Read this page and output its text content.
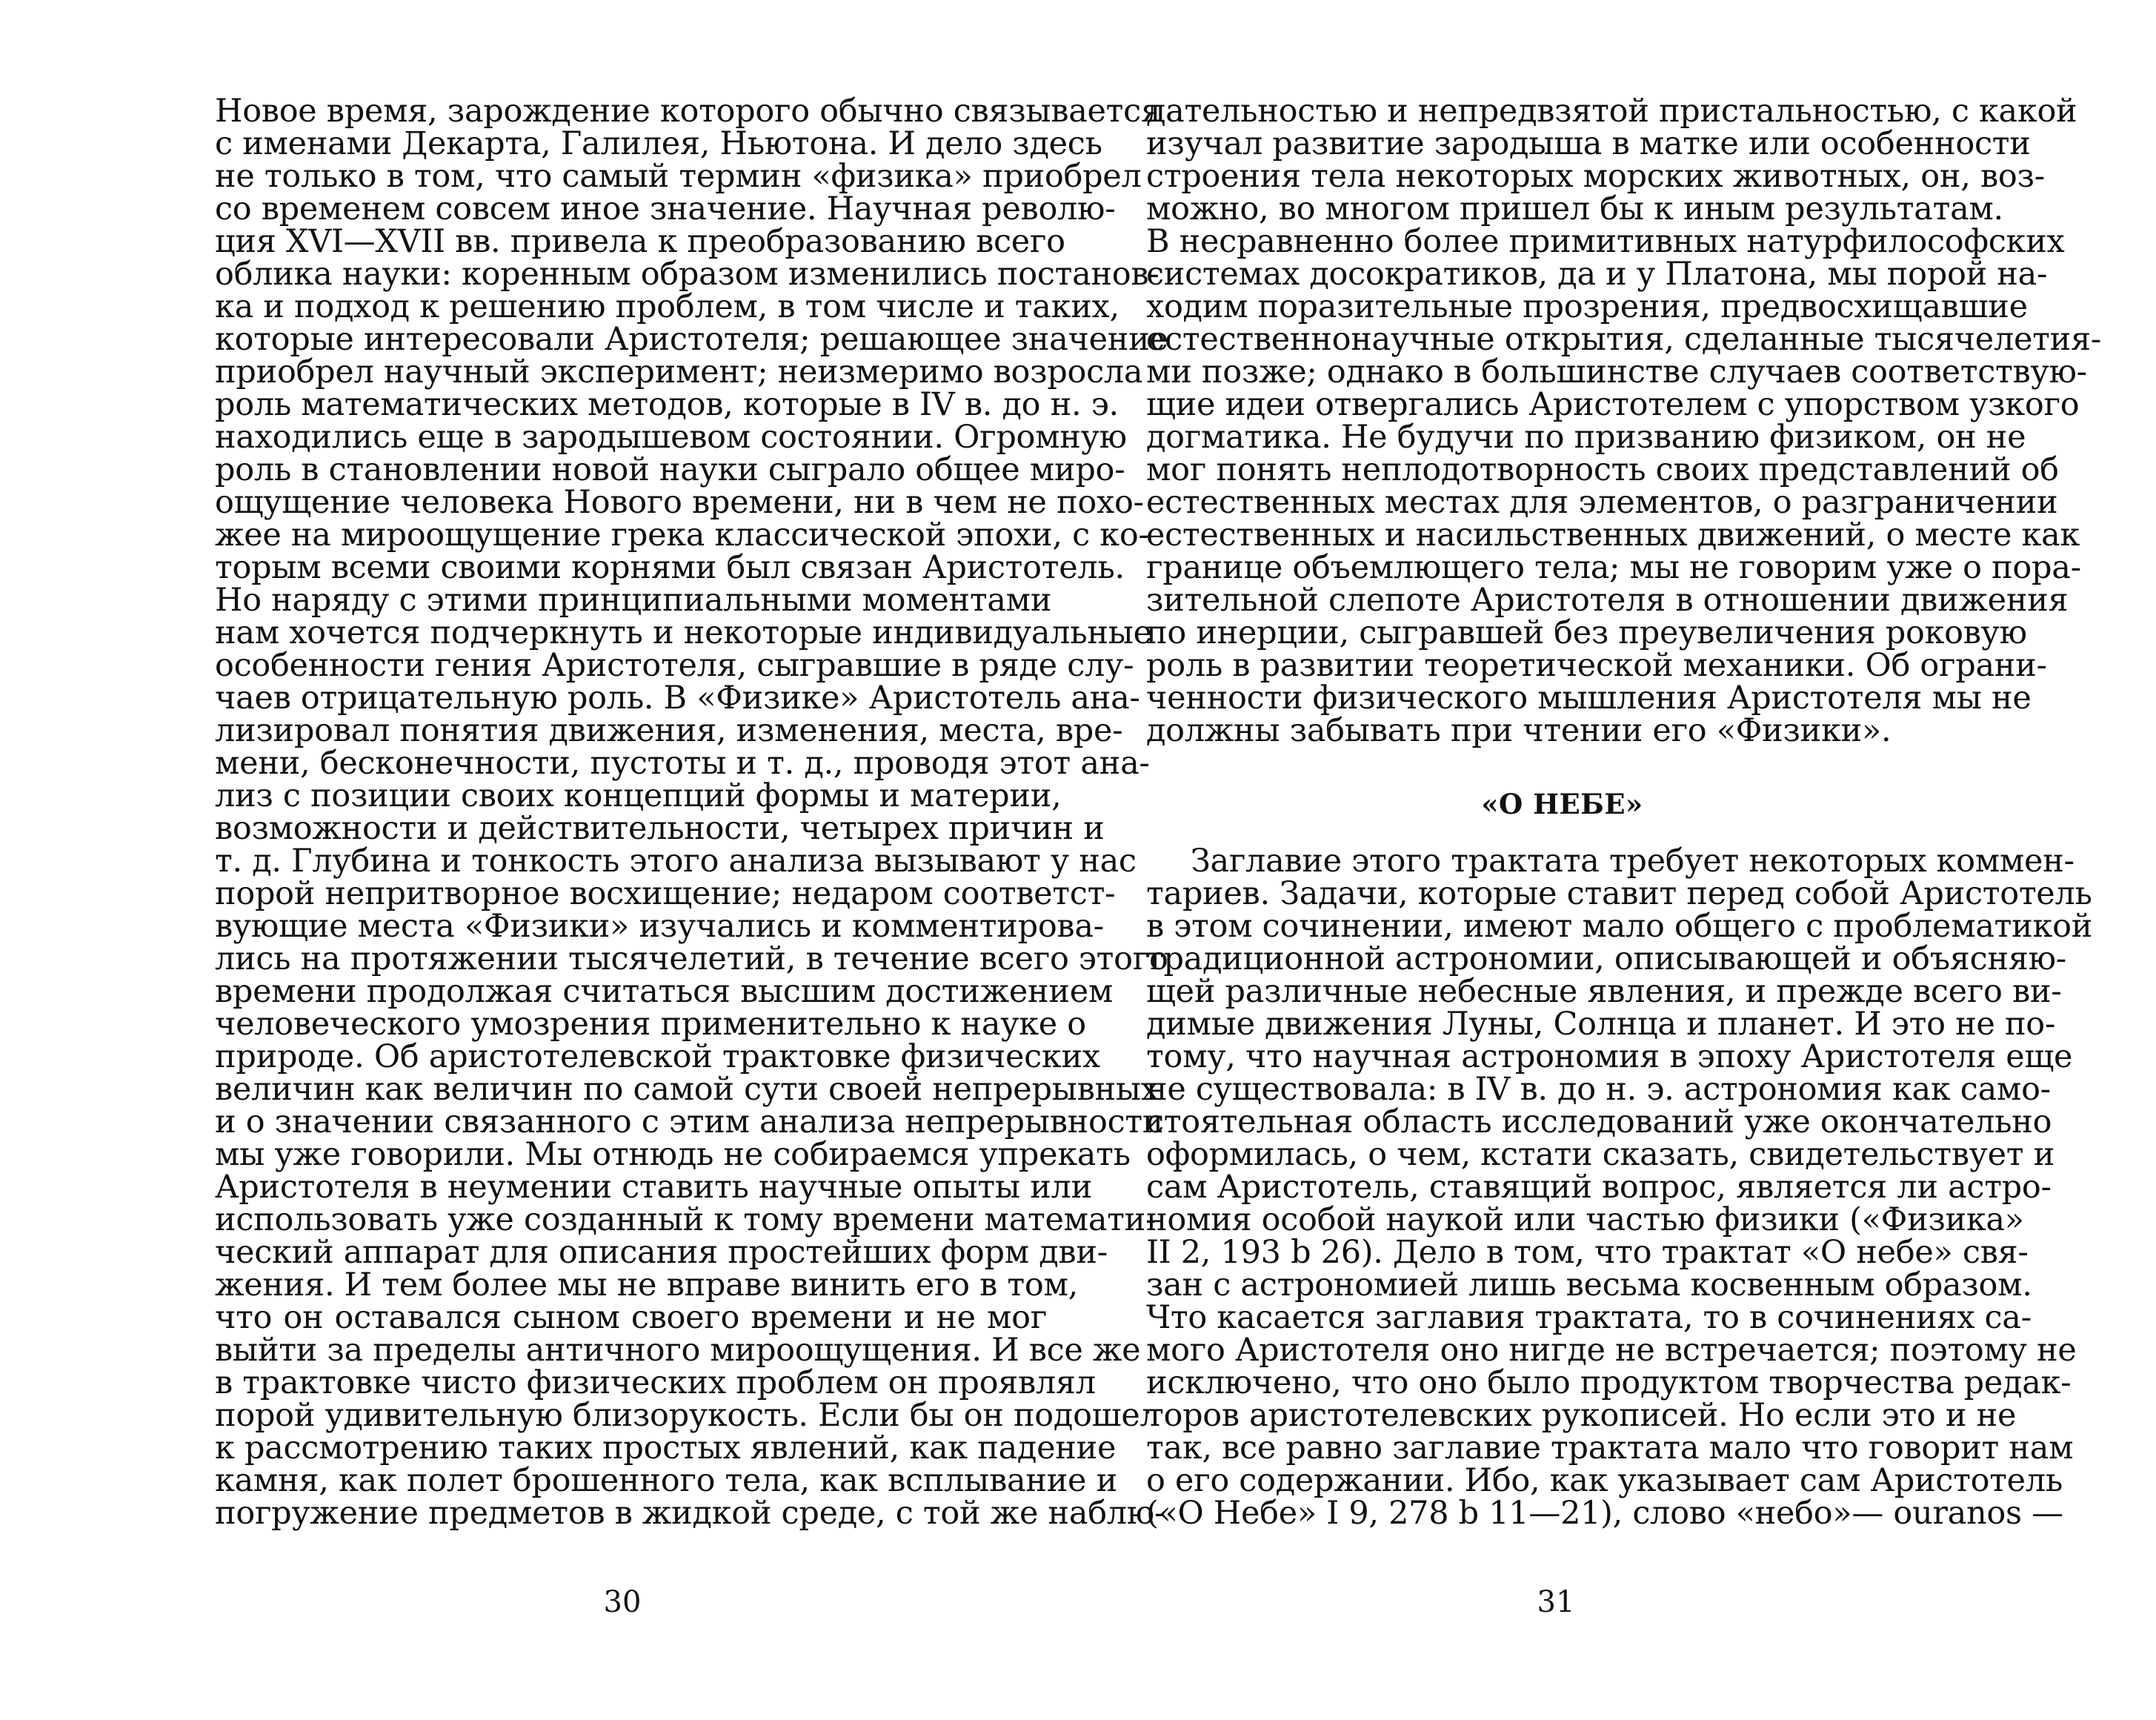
Новое время, зарождение которого обычно связывается
с именами Декарта, Галилея, Ньютона. И дело здесь
не только в том, что самый термин «физика» приобрел
со временем совсем иное значение. Научная револю-
ция XVI—XVII вв. привела к преобразованию всего
облика науки: коренным образом изменились постанов-
ка и подход к решению проблем, в том числе и таких,
которые интересовали Аристотеля; решающее значение
приобрел научный эксперимент; неизмеримо возросла
роль математических методов, которые в IV в. до н. э.
находились еще в зародышевом состоянии. Огромную
роль в становлении новой науки сыграло общее миро-
ощущение человека Нового времени, ни в чем не похо-
жее на мироощущение грека классической эпохи, с ко-
торым всеми своими корнями был связан Аристотель.
Но наряду с этими принципиальными моментами
нам хочется подчеркнуть и некоторые индивидуальные
особенности гения Аристотеля, сыгравшие в ряде слу-
чаев отрицательную роль. В «Физике» Аристотель ана-
лизировал понятия движения, изменения, места, вре-
мени, бесконечности, пустоты и т. д., проводя этот ана-
лиз с позиции своих концепций формы и материи,
возможности и действительности, четырех причин и
т. д. Глубина и тонкость этого анализа вызывают у нас
порой непритворное восхищение; недаром соответст-
вующие места «Физики» изучались и комментирова-
лись на протяжении тысячелетий, в течение всего этого
времени продолжая считаться высшим достижением
человеческого умозрения применительно к науке о
природе. Об аристотелевской трактовке физических
величин как величин по самой сути своей непрерывных
и о значении связанного с этим анализа непрерывности
мы уже говорили. Мы отнюдь не собираемся упрекать
Аристотеля в неумении ставить научные опыты или
использовать уже созданный к тому времени математи-
ческий аппарат для описания простейших форм дви-
жения. И тем более мы не вправе винить его в том,
что он оставался сыном своего времени и не мог
выйти за пределы античного мироощущения. И все же
в трактовке чисто физических проблем он проявлял
порой удивительную близорукость. Если бы он подошел
к рассмотрению таких простых явлений, как падение
камня, как полет брошенного тела, как всплывание и
погружение предметов в жидкой среде, с той же наблю-
30
дательностью и непредвзятой пристальностью, с какой
изучал развитие зародыша в матке или особенности
строения тела некоторых морских животных, он, воз-
можно, во многом пришел бы к иным результатам.
В несравненно более примитивных натурфилософских
системах досократиков, да и у Платона, мы порой на-
ходим поразительные прозрения, предвосхищавшие
естественнонаучные открытия, сделанные тысячелетия-
ми позже; однако в большинстве случаев соответствую-
щие идеи отвергались Аристотелем с упорством узкого
догматика. Не будучи по призванию физиком, он не
мог понять неплодотворность своих представлений об
естественных местах для элементов, о разграничении
естественных и насильственных движений, о месте как
границе объемлющего тела; мы не говорим уже о пора-
зительной слепоте Аристотеля в отношении движения
по инерции, сыгравшей без преувеличения роковую
роль в развитии теоретической механики. Об ограни-
ченности физического мышления Аристотеля мы не
должны забывать при чтении его «Физики».
«О НЕБЕ»
Заглавие этого трактата требует некоторых коммен-
тариев. Задачи, которые ставит перед собой Аристотель
в этом сочинении, имеют мало общего с проблематикой
традиционной астрономии, описывающей и объясняю-
щей различные небесные явления, и прежде всего ви-
димые движения Луны, Солнца и планет. И это не по-
тому, что научная астрономия в эпоху Аристотеля еще
не существовала: в IV в. до н. э. астрономия как само-
стоятельная область исследований уже окончательно
оформилась, о чем, кстати сказать, свидетельствует и
сам Аристотель, ставящий вопрос, является ли астро-
номия особой наукой или частью физики («Физика»
II 2, 193 b 26). Дело в том, что трактат «О небе» свя-
зан с астрономией лишь весьма косвенным образом.
Что касается заглавия трактата, то в сочинениях са-
мого Аристотеля оно нигде не встречается; поэтому не
исключено, что оно было продуктом творчества редак-
торов аристотелевских рукописей. Но если это и не
так, все равно заглавие трактата мало что говорит нам
о его содержании. Ибо, как указывает сам Аристотель
(«О Небе» I 9, 278 b 11—21), слово «небо»— ouranos —
31
